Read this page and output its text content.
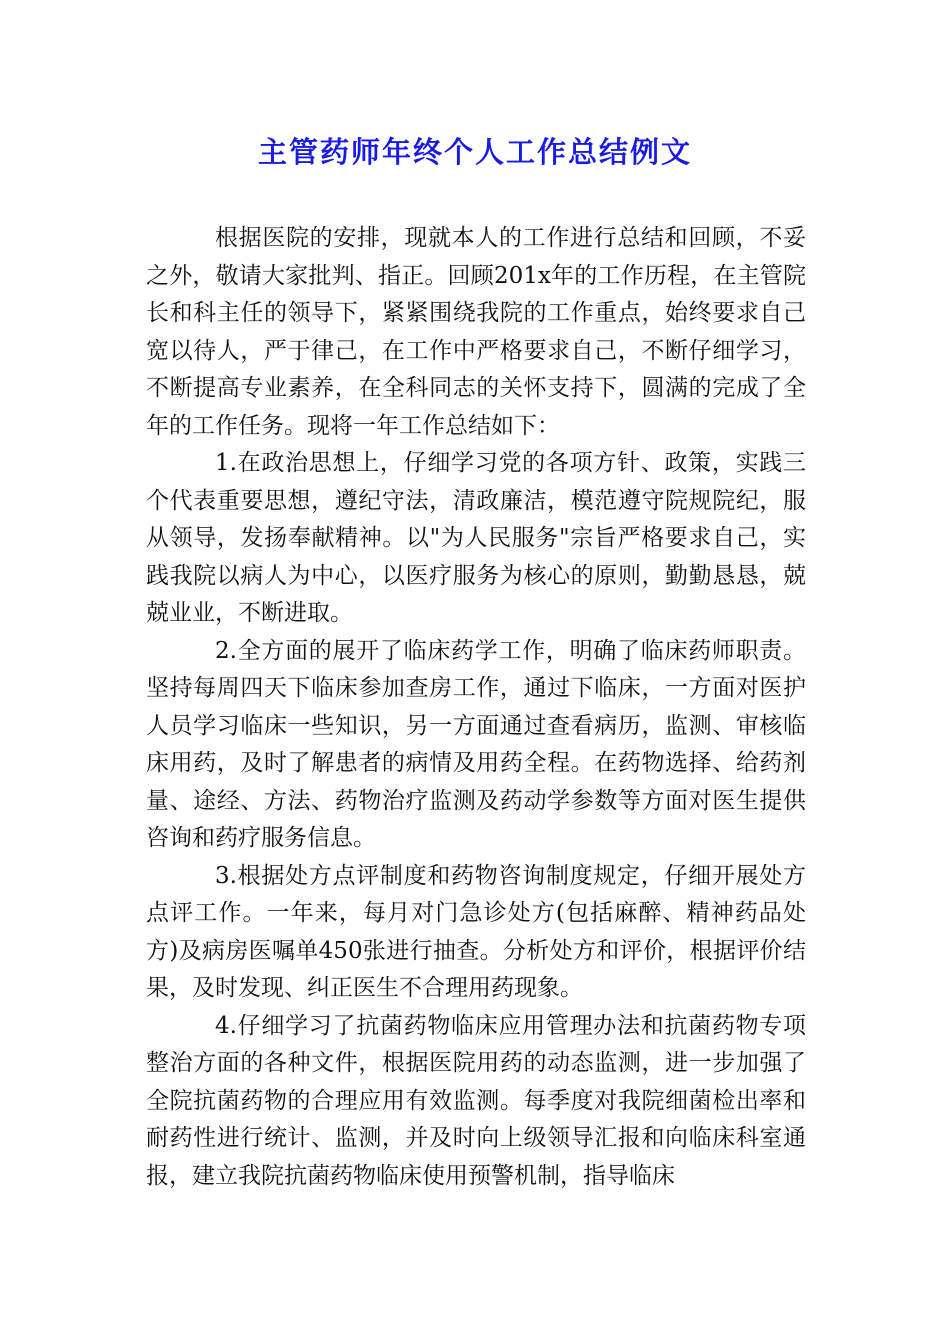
主管药师年终个人工作总结例文

根据医院的安排，现就本人的工作进行总结和回顾，不妥之外，敬请大家批判、指正。回顾201x年的工作历程，在主管院长和科主任的领导下，紧紧围绕我院的工作重点，始终要求自己宽以待人，严于律己，在工作中严格要求自己，不断仔细学习，不断提高专业素养，在全科同志的关怀支持下，圆满的完成了全年的工作任务。现将一年工作总结如下：

1.在政治思想上，仔细学习党的各项方针、政策，实践三个代表重要思想，遵纪守法，清政廉洁，模范遵守院规院纪，服从领导，发扬奉献精神。以"为人民服务"宗旨严格要求自己，实践我院以病人为中心，以医疗服务为核心的原则，勤勤恳恳，兢兢业业，不断进取。

2.全方面的展开了临床药学工作，明确了临床药师职责。坚持每周四天下临床参加查房工作，通过下临床，一方面对医护人员学习临床一些知识，另一方面通过查看病历，监测、审核临床用药，及时了解患者的病情及用药全程。在药物选择、给药剂量、途经、方法、药物治疗监测及药动学参数等方面对医生提供咨询和药疗服务信息。

3.根据处方点评制度和药物咨询制度规定，仔细开展处方点评工作。一年来，每月对门急诊处方(包括麻醉、精神药品处方)及病房医嘱单450张进行抽查。分析处方和评价，根据评价结果，及时发现、纠正医生不合理用药现象。

4.仔细学习了抗菌药物临床应用管理办法和抗菌药物专项整治方面的各种文件，根据医院用药的动态监测，进一步加强了全院抗菌药物的合理应用有效监测。每季度对我院细菌检出率和耐药性进行统计、监测，并及时向上级领导汇报和向临床科室通报，建立我院抗菌药物临床使用预警机制，指导临床
